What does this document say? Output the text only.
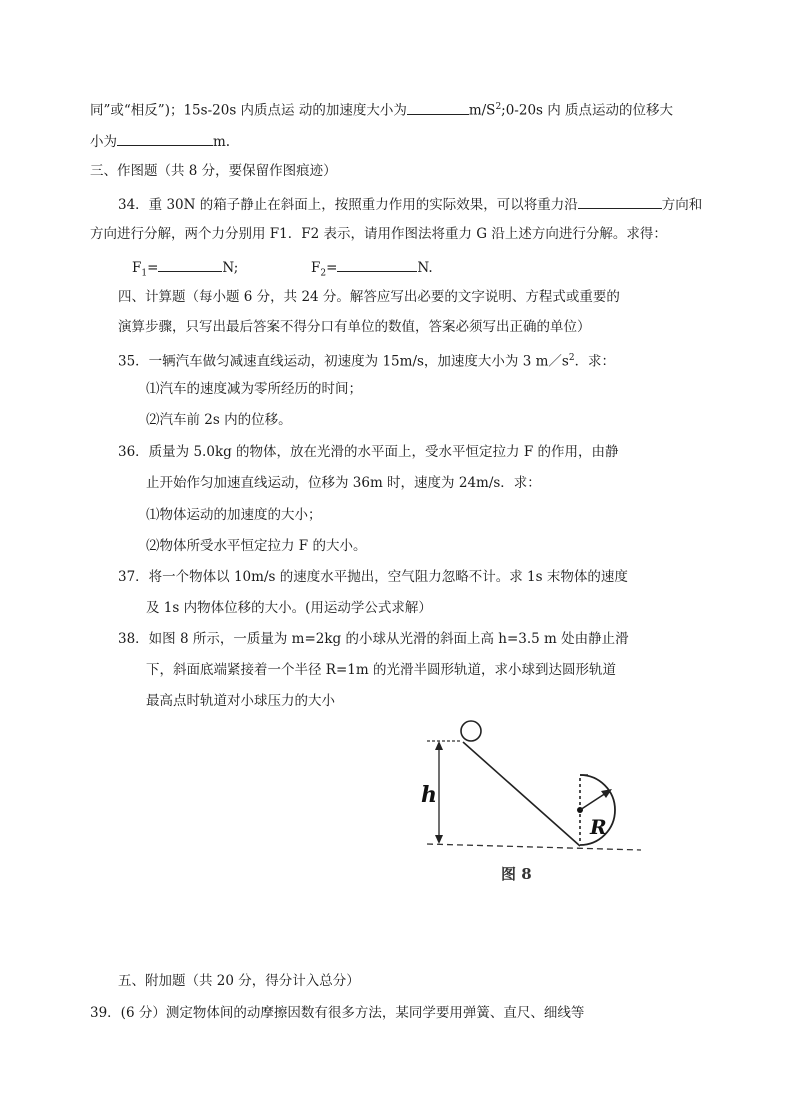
同”或“相反”)；15s-20s 内质点运 动的加速度大小为	$m/S^2;0-20s$ 内 质点运动的位移大
小为	m.
三、作图题（共 8 分，要保留作图痕迹）
34．重 30N 的箱子静止在斜面上，按照重力作用的实际效果，可以将重力沿	方向和
方向进行分解，两个力分别用 F1．F2 表示，请用作图法将重力 G 沿上述方向进行分解。求得：
$F_1=$	N;	$F_2=$	N.
四、计算题（每小题 6 分，共 24 分。解答应写出必要的文字说明、方程式或重要的
演算步骤，只写出最后答案不得分口有单位的数值，答案必须写出正确的单位）
35．一辆汽车做匀减速直线运动，初速度为 15m/s，加速度大小为 3 $m/s^2$．求：
⑴汽车的速度减为零所经历的时间；
⑵汽车前 2s 内的位移。
36．质量为 5.0kg 的物体，放在光滑的水平面上，受水平恒定拉力 F 的作用，由静
止开始作匀加速直线运动，位移为 36m 时，速度为 24m/s．求：
⑴物体运动的加速度的大小；
⑵物体所受水平恒定拉力 F 的大小。
37．将一个物体以 10m/s 的速度水平抛出，空气阻力忽略不计。求 1s 末物体的速度
及 1s 内物体位移的大小。(用运动学公式求解）
38．如图 8 所示，一质量为 m=2kg 的小球从光滑的斜面上高 h=3.5 m 处由静止滑
下，斜面底端紧接着一个半径 R=1m 的光滑半圆形轨道，求小球到达圆形轨道
最高点时轨道对小球压力的大小
h
R
图 8
五、附加题（共 20 分，得分计入总分）
39．(6 分）测定物体间的动摩擦因数有很多方法，某同学要用弹簧、直尺、细线等
